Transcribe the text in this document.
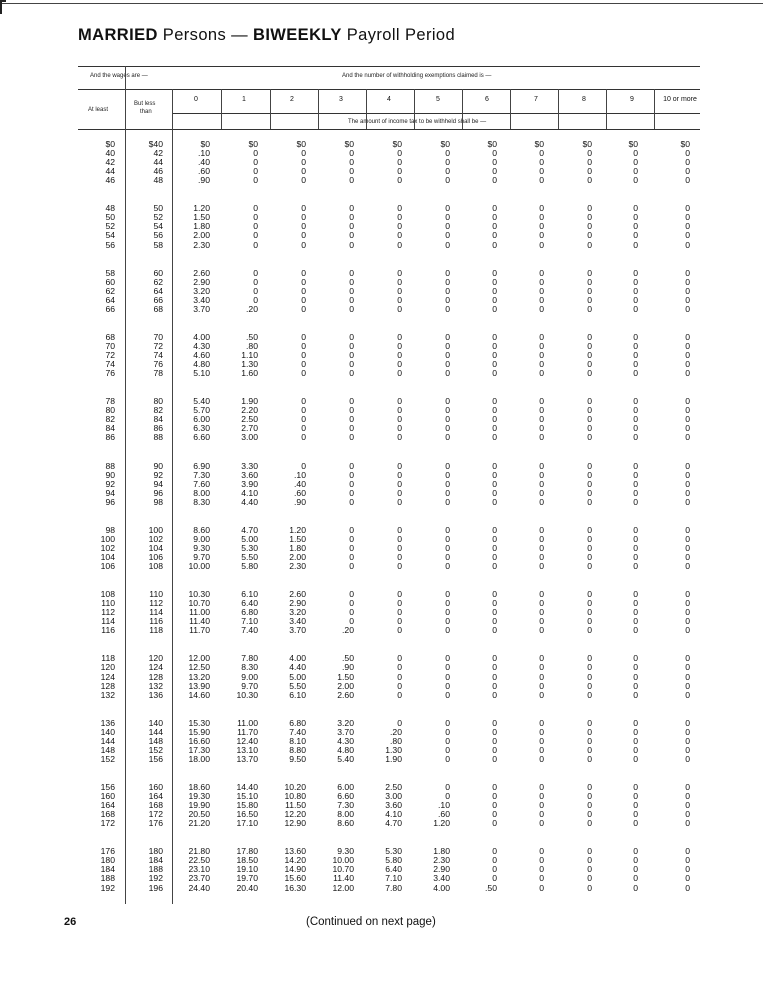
MARRIED Persons — BIWEEKLY Payroll Period
And the wages are —	And the number of withholding exemptions claimed is —
At least
But less
than
The amount of income tax to be withheld shall be —
0	1	2	3	4	5	6	7	8	9	10 or more
$0	$40	$0	$0	$0	$0	$0	$0	$0	$0	$0	$0	$0
40	42	.10	0	0	0	0	0	0	0	0	0	0
42	44	.40	0	0	0	0	0	0	0	0	0	0
44	46	.60	0	0	0	0	0	0	0	0	0	0
46	48	.90	0	0	0	0	0	0	0	0	0	0
48	50	1.20	0	0	0	0	0	0	0	0	0	0
50	52	1.50	0	0	0	0	0	0	0	0	0	0
52	54	1.80	0	0	0	0	0	0	0	0	0	0
54	56	2.00	0	0	0	0	0	0	0	0	0	0
56	58	2.30	0	0	0	0	0	0	0	0	0	0
58	60	2.60	0	0	0	0	0	0	0	0	0	0
60	62	2.90	0	0	0	0	0	0	0	0	0	0
62	64	3.20	0	0	0	0	0	0	0	0	0	0
64	66	3.40	0	0	0	0	0	0	0	0	0	0
66	68	3.70	.20	0	0	0	0	0	0	0	0	0
68	70	4.00	.50	0	0	0	0	0	0	0	0	0
70	72	4.30	.80	0	0	0	0	0	0	0	0	0
72	74	4.60	1.10	0	0	0	0	0	0	0	0	0
74	76	4.80	1.30	0	0	0	0	0	0	0	0	0
76	78	5.10	1.60	0	0	0	0	0	0	0	0	0
78	80	5.40	1.90	0	0	0	0	0	0	0	0	0
80	82	5.70	2.20	0	0	0	0	0	0	0	0	0
82	84	6.00	2.50	0	0	0	0	0	0	0	0	0
84	86	6.30	2.70	0	0	0	0	0	0	0	0	0
86	88	6.60	3.00	0	0	0	0	0	0	0	0	0
88	90	6.90	3.30	0	0	0	0	0	0	0	0	0
90	92	7.30	3.60	.10	0	0	0	0	0	0	0	0
92	94	7.60	3.90	.40	0	0	0	0	0	0	0	0
94	96	8.00	4.10	.60	0	0	0	0	0	0	0	0
96	98	8.30	4.40	.90	0	0	0	0	0	0	0	0
98	100	8.60	4.70	1.20	0	0	0	0	0	0	0	0
100	102	9.00	5.00	1.50	0	0	0	0	0	0	0	0
102	104	9.30	5.30	1.80	0	0	0	0	0	0	0	0
104	106	9.70	5.50	2.00	0	0	0	0	0	0	0	0
106	108	10.00	5.80	2.30	0	0	0	0	0	0	0	0
108	110	10.30	6.10	2.60	0	0	0	0	0	0	0	0
110	112	10.70	6.40	2.90	0	0	0	0	0	0	0	0
112	114	11.00	6.80	3.20	0	0	0	0	0	0	0	0
114	116	11.40	7.10	3.40	0	0	0	0	0	0	0	0
116	118	11.70	7.40	3.70	.20	0	0	0	0	0	0	0
118	120	12.00	7.80	4.00	.50	0	0	0	0	0	0	0
120	124	12.50	8.30	4.40	.90	0	0	0	0	0	0	0
124	128	13.20	9.00	5.00	1.50	0	0	0	0	0	0	0
128	132	13.90	9.70	5.50	2.00	0	0	0	0	0	0	0
132	136	14.60	10.30	6.10	2.60	0	0	0	0	0	0	0
136	140	15.30	11.00	6.80	3.20	0	0	0	0	0	0	0
140	144	15.90	11.70	7.40	3.70	.20	0	0	0	0	0	0
144	148	16.60	12.40	8.10	4.30	.80	0	0	0	0	0	0
148	152	17.30	13.10	8.80	4.80	1.30	0	0	0	0	0	0
152	156	18.00	13.70	9.50	5.40	1.90	0	0	0	0	0	0
156	160	18.60	14.40	10.20	6.00	2.50	0	0	0	0	0	0
160	164	19.30	15.10	10.80	6.60	3.00	0	0	0	0	0	0
164	168	19.90	15.80	11.50	7.30	3.60	.10	0	0	0	0	0
168	172	20.50	16.50	12.20	8.00	4.10	.60	0	0	0	0	0
172	176	21.20	17.10	12.90	8.60	4.70	1.20	0	0	0	0	0
176	180	21.80	17.80	13.60	9.30	5.30	1.80	0	0	0	0	0
180	184	22.50	18.50	14.20	10.00	5.80	2.30	0	0	0	0	0
184	188	23.10	19.10	14.90	10.70	6.40	2.90	0	0	0	0	0
188	192	23.70	19.70	15.60	11.40	7.10	3.40	0	0	0	0	0
192	196	24.40	20.40	16.30	12.00	7.80	4.00	.50	0	0	0	0
26	(Continued on next page)
